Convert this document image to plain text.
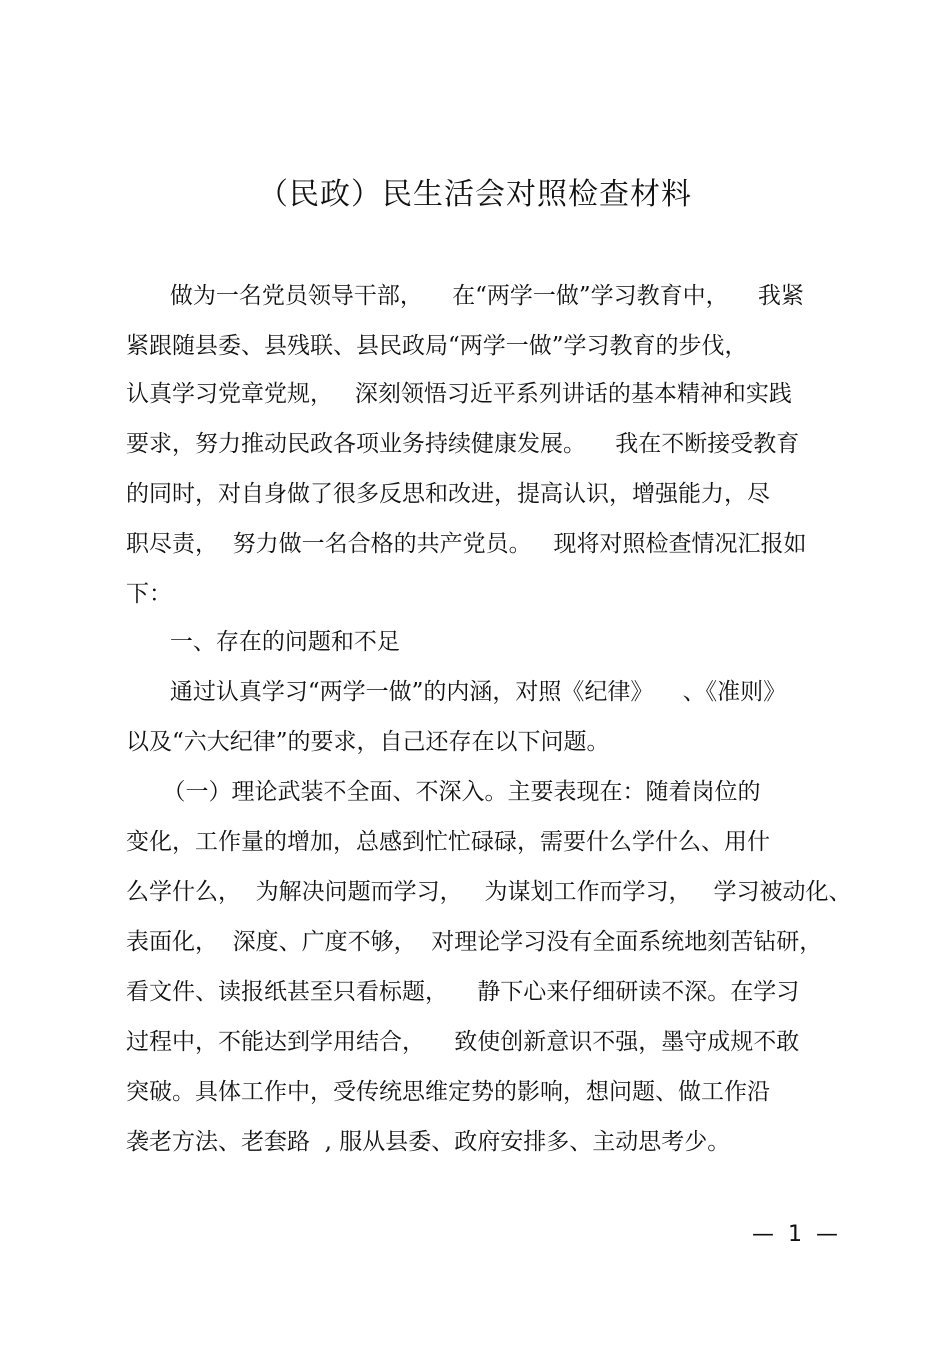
（民政）民生活会对照检查材料
做为一名党员领导干部，    在“两学一做”学习教育中，    我紧
紧跟随县委、县残联、县民政局“两学一做”学习教育的步伐，
认真学习党章党规，   深刻领悟习近平系列讲话的基本精神和实践
要求，努力推动民政各项业务持续健康发展。    我在不断接受教育
的同时，对自身做了很多反思和改进，提高认识，增强能力，尽
职尽责，  努力做一名合格的共产党员。   现将对照检查情况汇报如
下：
一、存在的问题和不足
通过认真学习“两学一做”的内涵，对照《纪律》    、《准则》
以及“六大纪律”的要求，自己还存在以下问题。
（一）理论武装不全面、不深入。主要表现在：随着岗位的
变化，工作量的增加，总感到忙忙碌碌，需要什么学什么、用什
么学什么，  为解决问题而学习，   为谋划工作而学习，   学习被动化、
表面化，  深度、广度不够，  对理论学习没有全面系统地刻苦钻研，
看文件、读报纸甚至只看标题，    静下心来仔细研读不深。在学习
过程中，不能达到学用结合，    致使创新意识不强，墨守成规不敢
突破。具体工作中，受传统思维定势的影响，想问题、做工作沿
袭老方法、老套路  , 服从县委、政府安排多、主动思考少。
—  1  —
